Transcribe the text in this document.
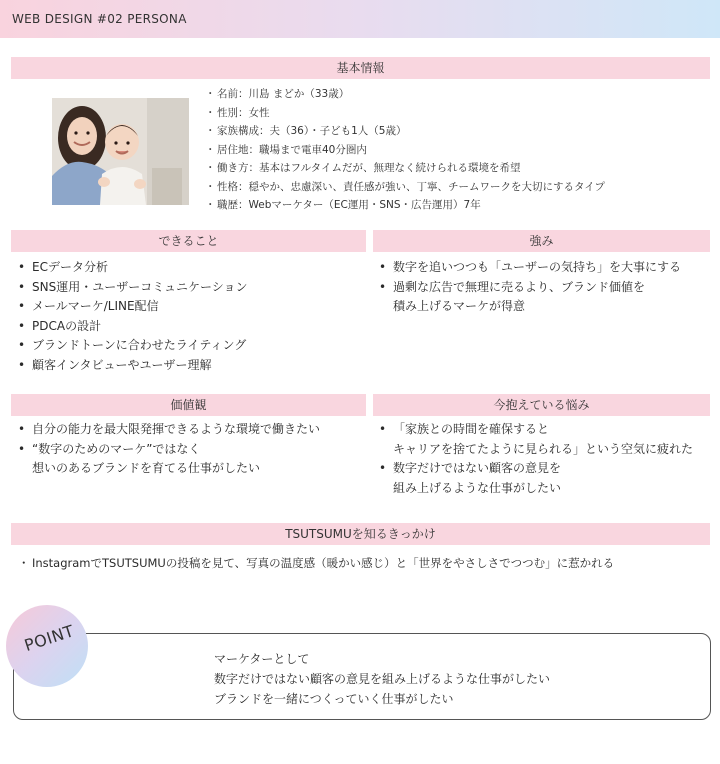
WEB DESIGN #02 PERSONA
基本情報
・ 名前：川島 まどか（33歳）
・ 性別：女性
・ 家族構成：夫（36）・子ども1人（5歳）
・ 居住地：職場まで電車40分圏内
・ 働き方：基本はフルタイムだが、無理なく続けられる環境を希望
・ 性格：穏やか、忠慮深い、責任感が強い、丁寧、チームワークを大切にするタイプ
・ 職歴：Webマーケター（EC運用・SNS・広告運用）7年
できること	強み
• ECデータ分析
• SNS運用・ユーザーコミュニケーション
• メールマーケ/LINE配信
• PDCAの設計
• ブランドトーンに合わせたライティング
• 顧客インタビューやユーザー理解
• 数字を追いつつも「ユーザーの気持ち」を大事にする
• 過剰な広告で無理に売るより、ブランド価値を
積み上げるマーケが得意
価値観	今抱えている悩み
• 自分の能力を最大限発揮できるような環境で働きたい
• “数字のためのマーケ”ではなく
想いのあるブランドを育てる仕事がしたい
• 「家族との時間を確保すると
キャリアを捨てたように見られる」という空気に疲れた
• 数字だけではない顧客の意見を
組み上げるような仕事がしたい
TSUTSUMUを知るきっかけ
・ InstagramでTSUTSUMUの投稿を見て、写真の温度感（暖かい感じ）と「世界をやさしさでつつむ」に惹かれる
POINT
マーケターとして
数字だけではない顧客の意見を組み上げるような仕事がしたい
ブランドを一緒につくっていく仕事がしたい
